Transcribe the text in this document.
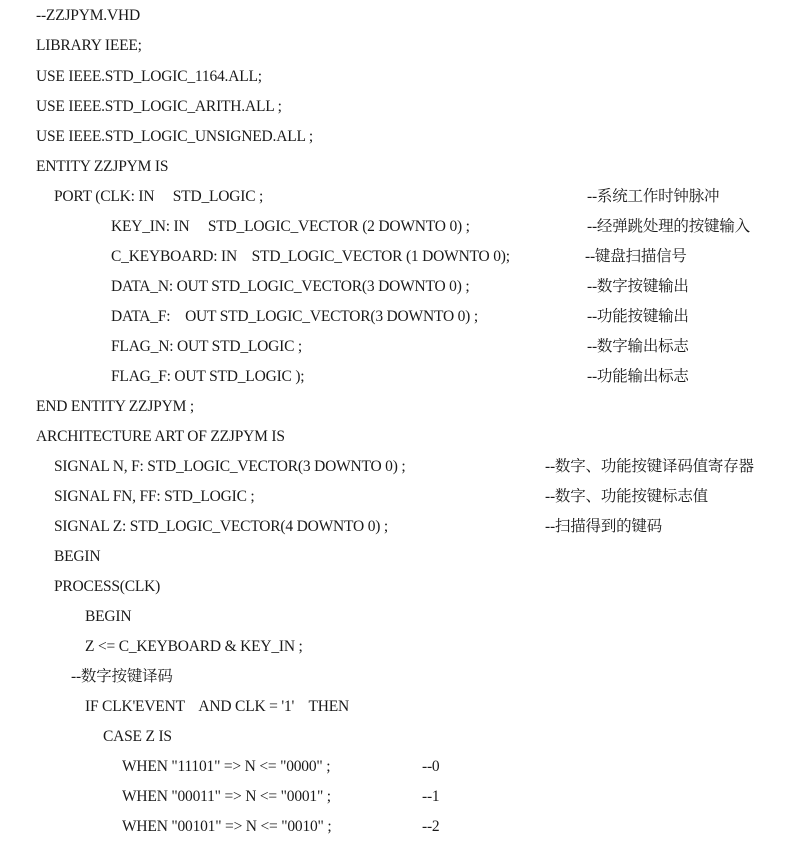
--ZZJPYM.VHD
LIBRARY IEEE;
USE IEEE.STD_LOGIC_1164.ALL;
USE IEEE.STD_LOGIC_ARITH.ALL ;
USE IEEE.STD_LOGIC_UNSIGNED.ALL ;
ENTITY ZZJPYM IS
PORT (CLK: IN     STD_LOGIC ;	--系统工作时钟脉冲
KEY_IN: IN     STD_LOGIC_VECTOR (2 DOWNTO 0) ;	--经弹跳处理的按键输入
C_KEYBOARD: IN    STD_LOGIC_VECTOR (1 DOWNTO 0);	--键盘扫描信号
DATA_N: OUT STD_LOGIC_VECTOR(3 DOWNTO 0) ;	--数字按键输出
DATA_F:    OUT STD_LOGIC_VECTOR(3 DOWNTO 0) ;	--功能按键输出
FLAG_N: OUT STD_LOGIC ;	--数字输出标志
FLAG_F: OUT STD_LOGIC );	--功能输出标志
END ENTITY ZZJPYM ;
ARCHITECTURE ART OF ZZJPYM IS
SIGNAL N, F: STD_LOGIC_VECTOR(3 DOWNTO 0) ;	--数字、功能按键译码值寄存器
SIGNAL FN, FF: STD_LOGIC ;	--数字、功能按键标志值
SIGNAL Z: STD_LOGIC_VECTOR(4 DOWNTO 0) ;	--扫描得到的键码
BEGIN
PROCESS(CLK)
BEGIN
Z <= C_KEYBOARD & KEY_IN ;
--数字按键译码
IF CLK'EVENT    AND CLK = '1'    THEN
CASE Z IS
WHEN "11101" => N <= "0000" ;	--0
WHEN "00011" => N <= "0001" ;	--1
WHEN "00101" => N <= "0010" ;	--2
